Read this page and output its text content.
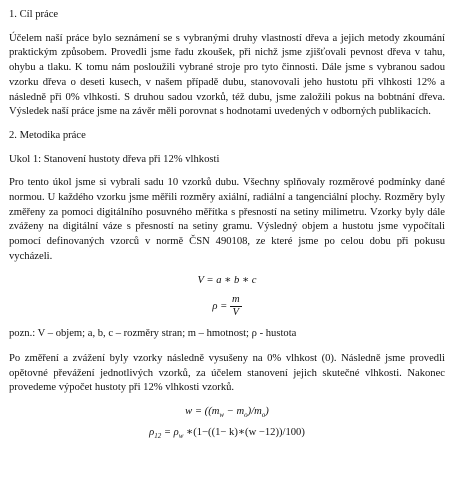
1. Cíl práce
Účelem naší práce bylo seznámení se s vybranými druhy vlastností dřeva a jejich metody zkoumání praktickým způsobem. Provedli jsme řadu zkoušek, při nichž jsme zjišťovali pevnost dřeva v tahu, ohybu a tlaku. K tomu nám posloužili vybrané stroje pro tyto činnosti. Dále jsme s vybranou sadou vzorku dřeva o deseti kusech, v našem případě dubu, stanovovali jeho hustotu při vlhkosti 12% a následně při 0% vlhkosti. S druhou sadou vzorků, též dubu, jsme založili pokus na bobtnání dřeva. Výsledek naší práce jsme na závěr měli porovnat s hodnotami uvedených v odborných publikacích.
2. Metodika práce
Ukol 1: Stanovení hustoty dřeva při 12% vlhkosti
Pro tento úkol jsme si vybrali sadu 10 vzorků dubu. Všechny splňovaly rozměrové podmínky dané normou. U každého vzorku jsme měřili rozměry axiální, radiální a tangenciální plochy. Rozměry byly změřeny za pomoci digitálního posuvného měřítka s přesností na setiny milimetru. Vzorky byly dále zváženy na digitální váze s přesností na setiny gramu. Výsledný objem a hustotu jsme vypočítali pomocí definovaných vzorců v normě ČSN 490108, ze které jsme po celou dobu při pokusu vycházeli.
V = a ∗ b ∗ c
$\rho = \frac{m}{V}$
pozn.: V – objem; a, b, c – rozměry stran; m – hmotnost; ρ - hustota
Po změření a zvážení byly vzorky následně vysušeny na 0% vlhkost (0). Následně jsme provedli opětovné převážení jednotlivých vzorků, za účelem stanovení jejich skutečné vlhkosti. Nakonec provedeme výpočet hustoty při 12% vlhkosti vzorků.
$w = ((m_w - m_o)/m_o)$
$\rho_{12} = \rho_w$ ∗(1−((1− k)∗(w −12))/100)
